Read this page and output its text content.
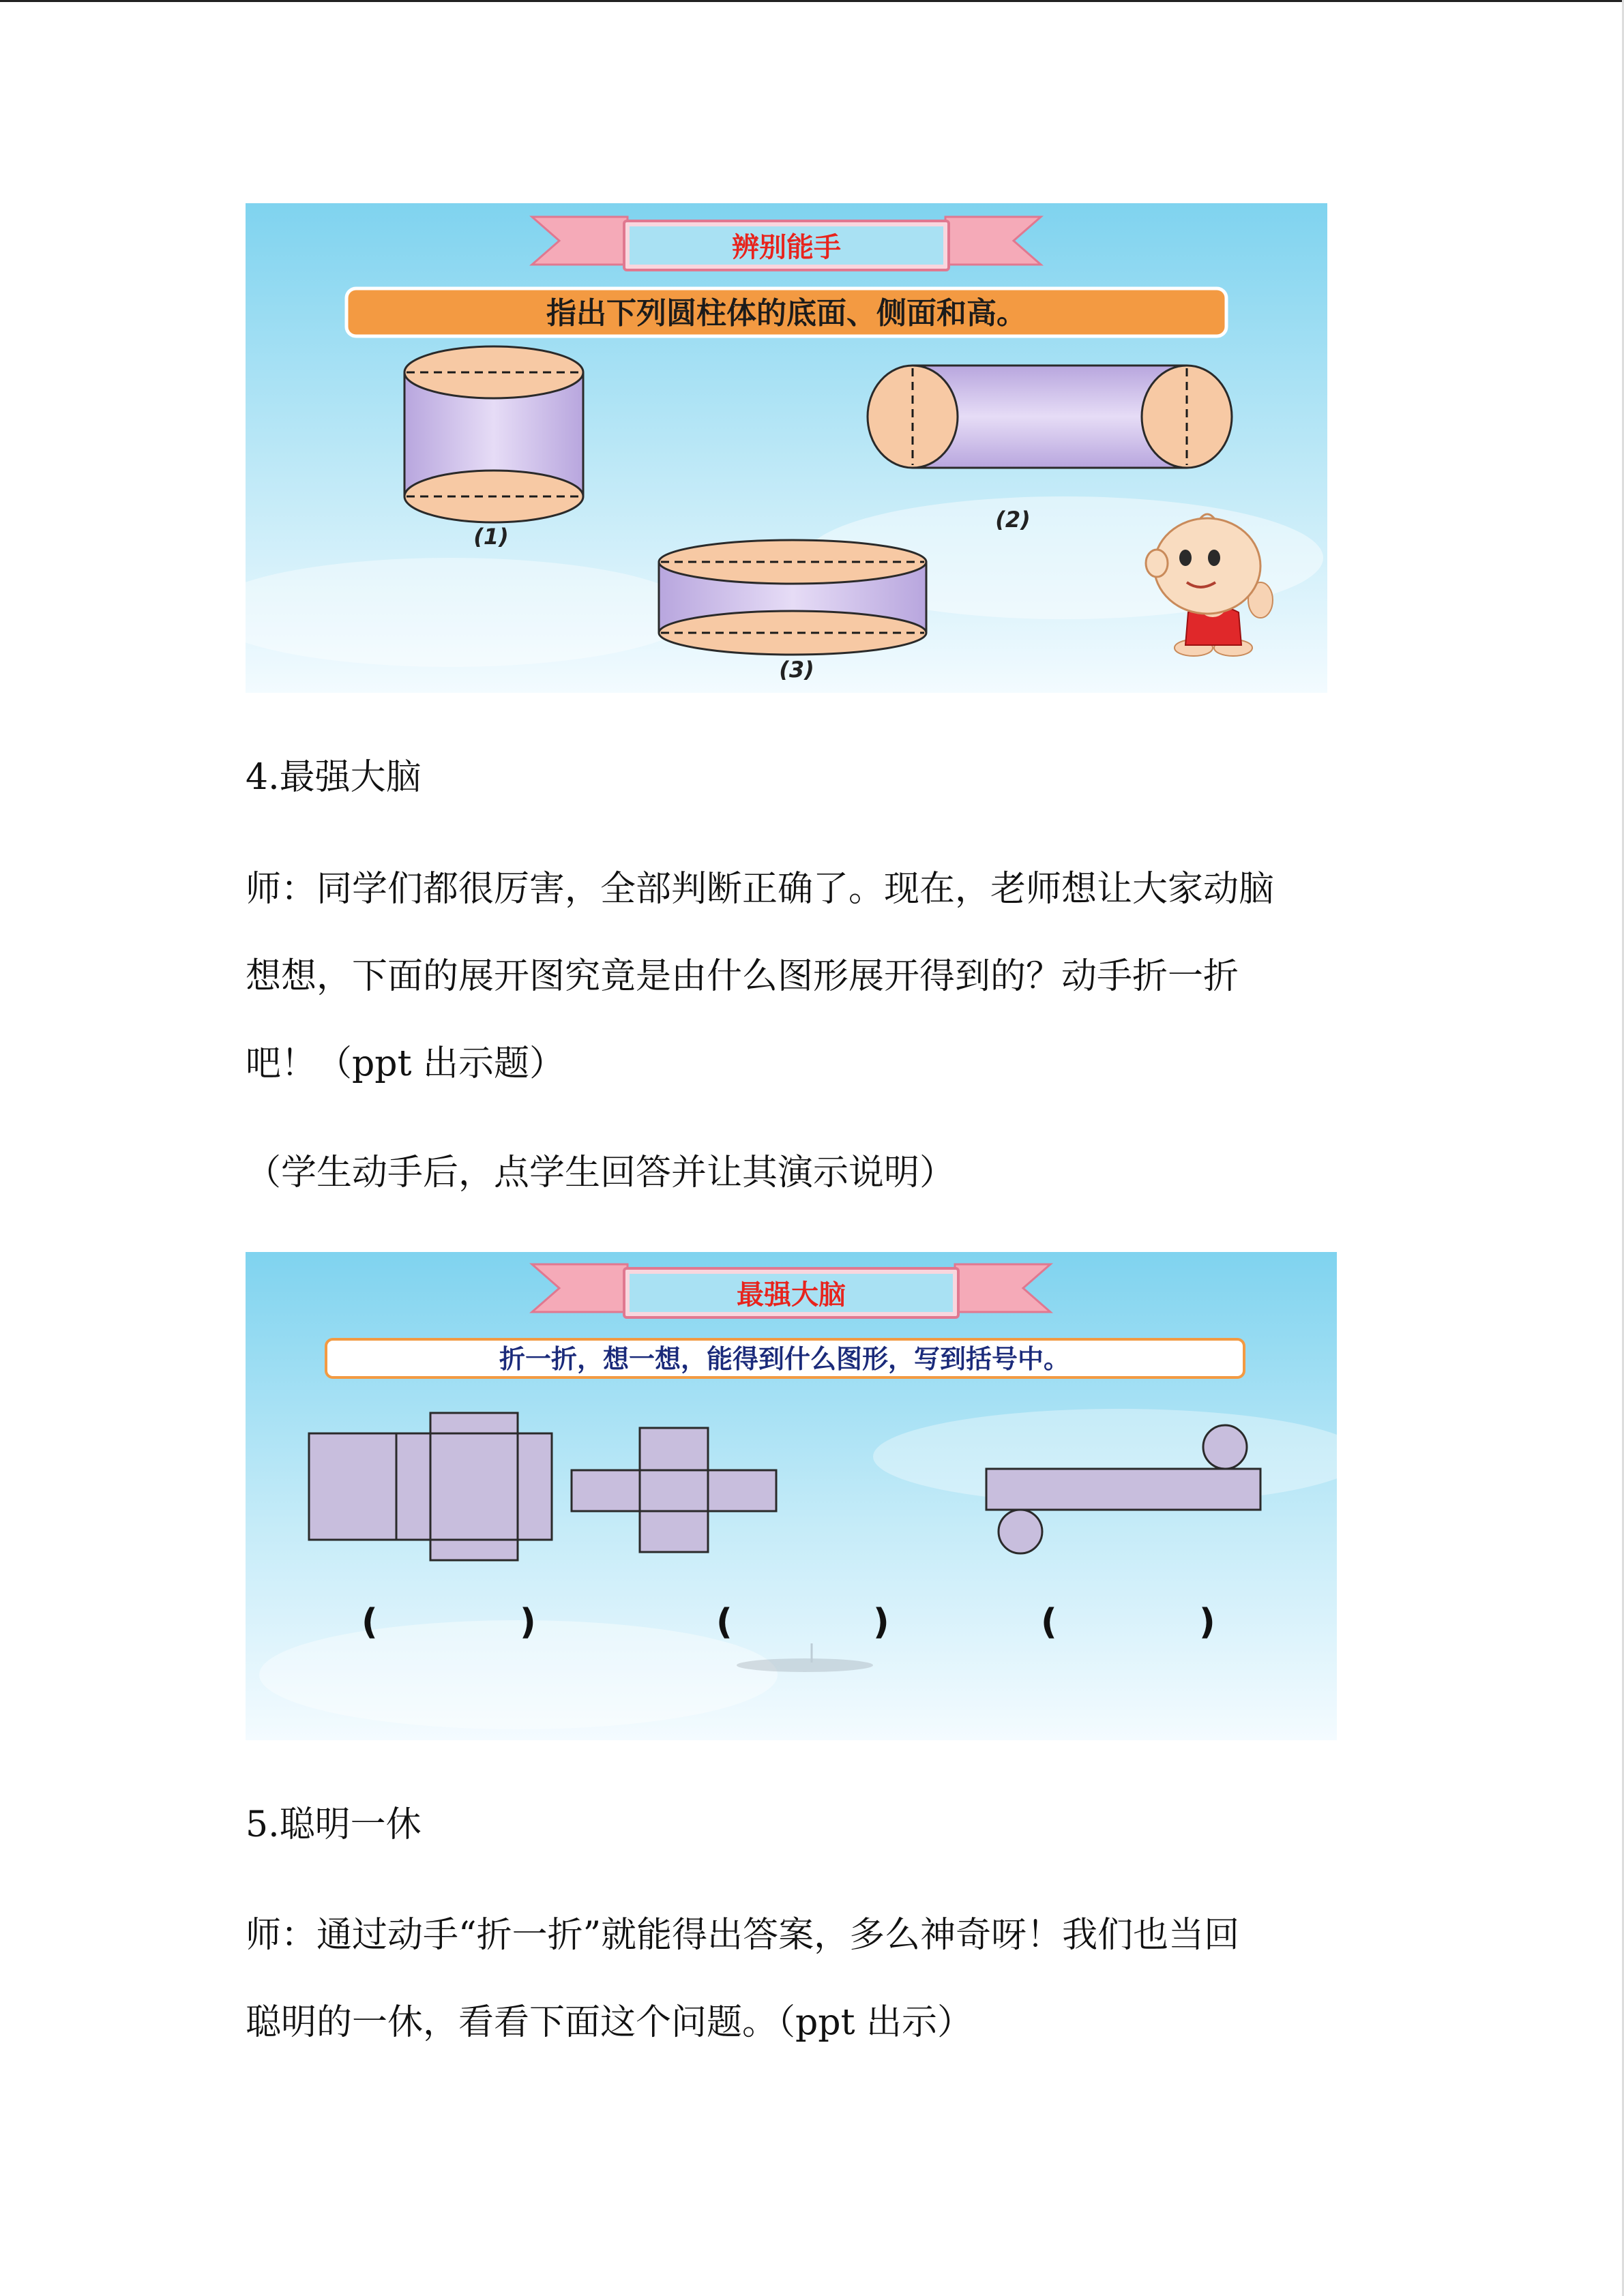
辨别能手
指出下列圆柱体的底面、侧面和高。
(1)
(2)
(3)
4.最强大脑
师：同学们都很厉害，全部判断正确了。现在，老师想让大家动脑
想想，下面的展开图究竟是由什么图形展开得到的？动手折一折
吧！（ppt 出示题）
（学生动手后，点学生回答并让其演示说明）
最强大脑
折一折，想一想，能得到什么图形，写到括号中。
(	)	(	)	(	)
5.聪明一休
师：通过动手“折一折”就能得出答案，多么神奇呀！我们也当回
聪明的一休，看看下面这个问题。（ppt 出示）
